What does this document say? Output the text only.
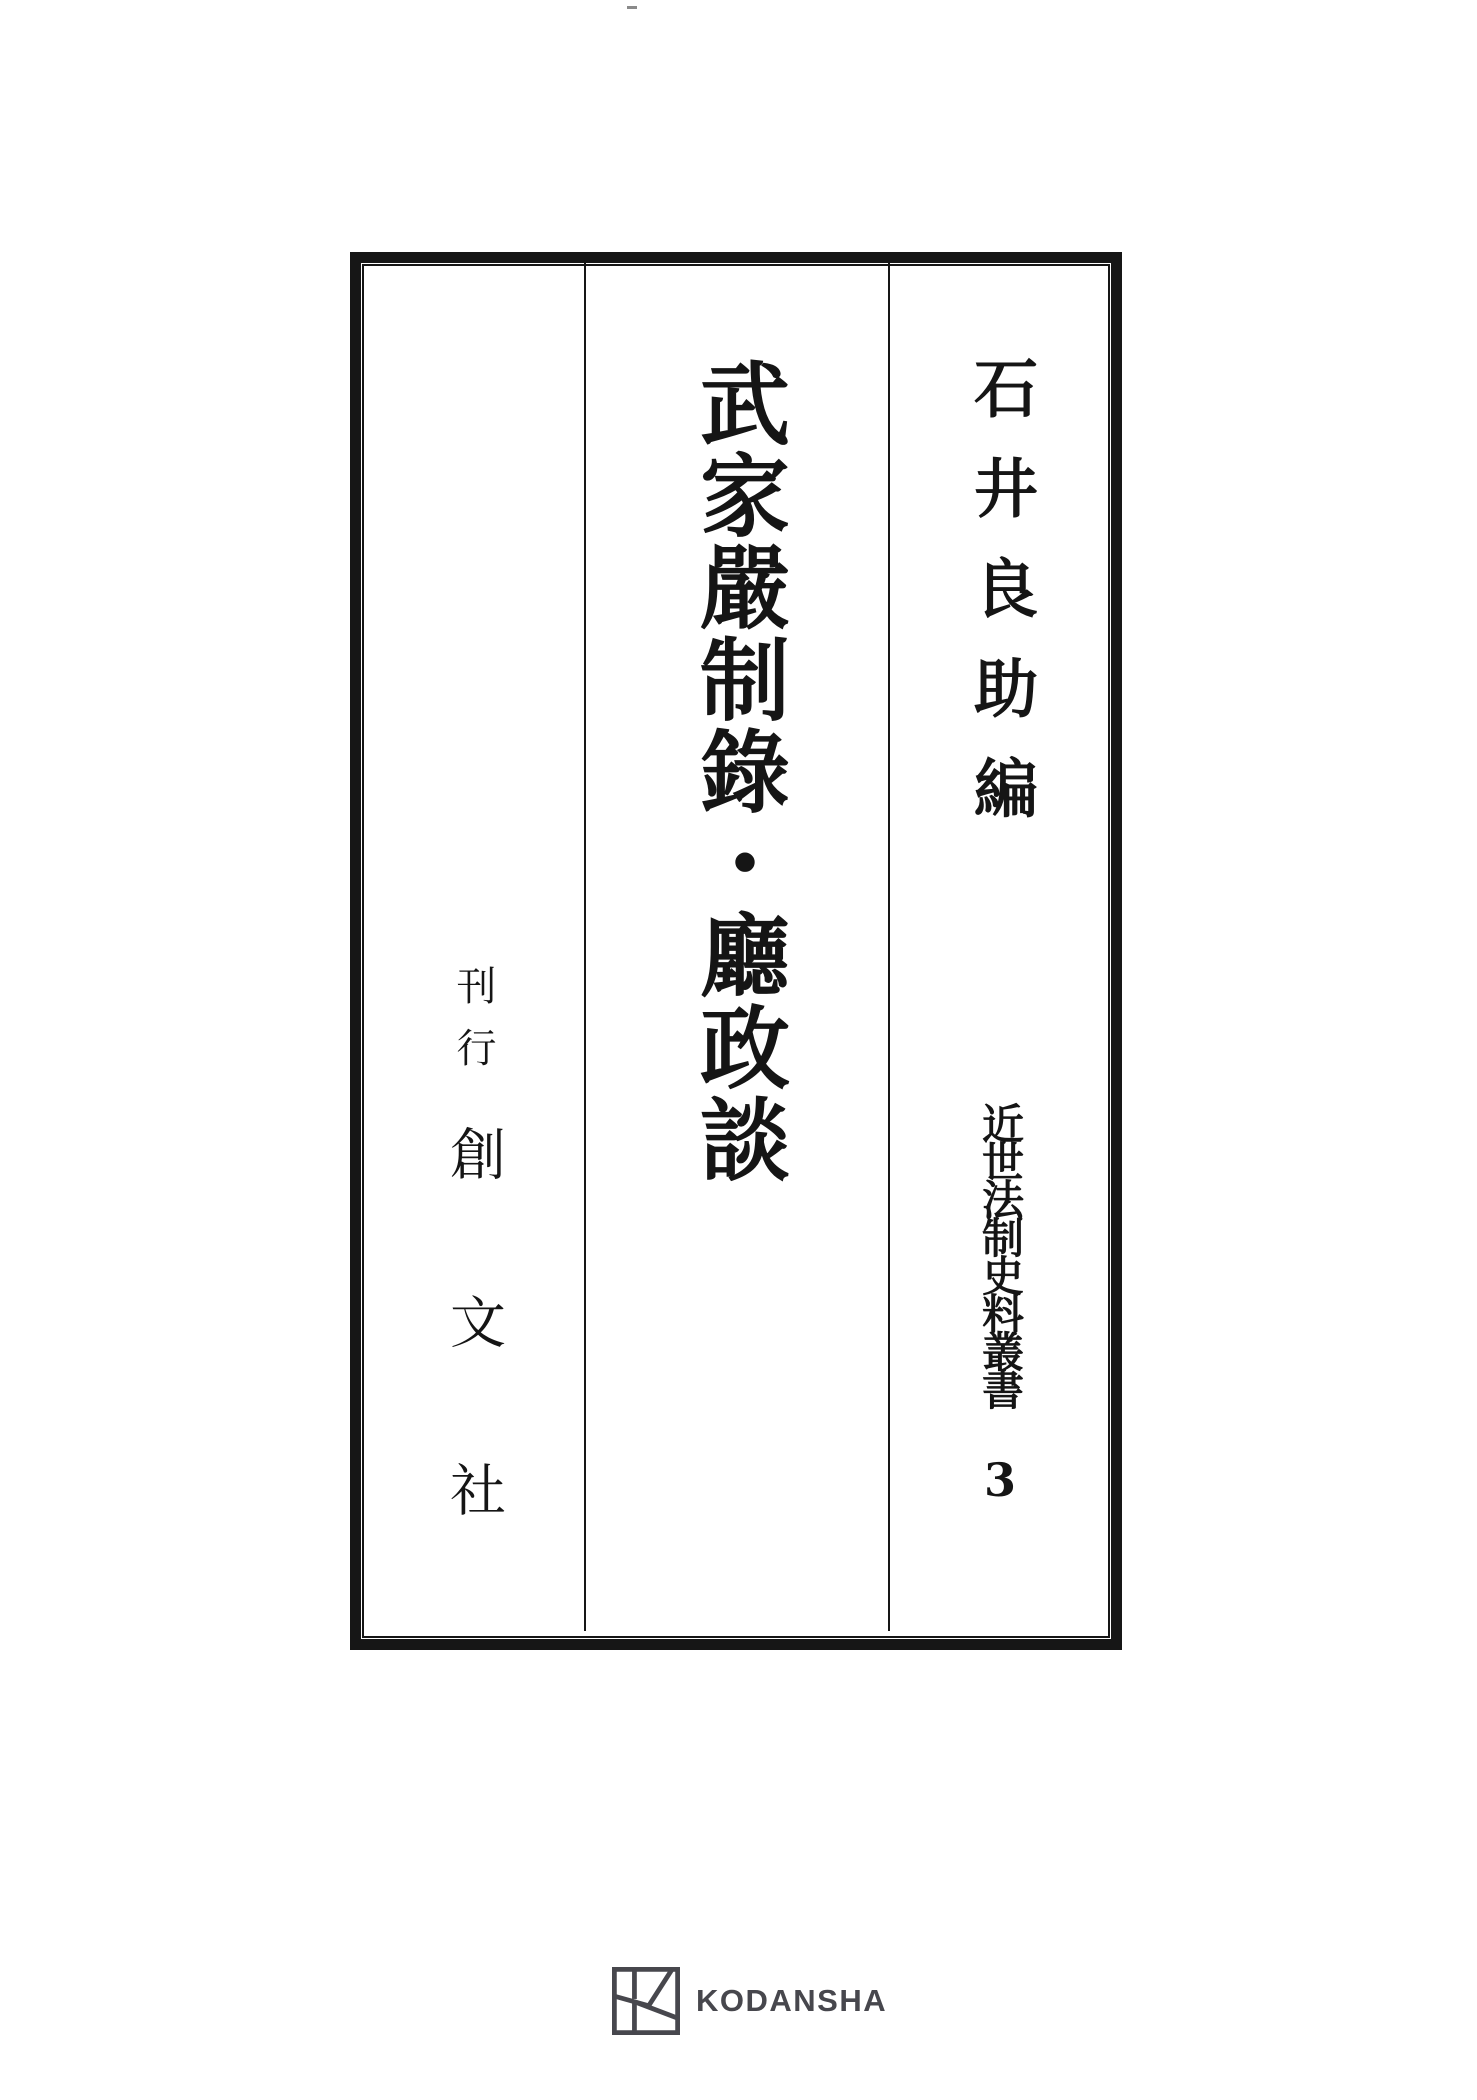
石井良助編
近世法制史料叢書
3
武家嚴制錄・廳政談
刊行
創文社
KODANSHA
